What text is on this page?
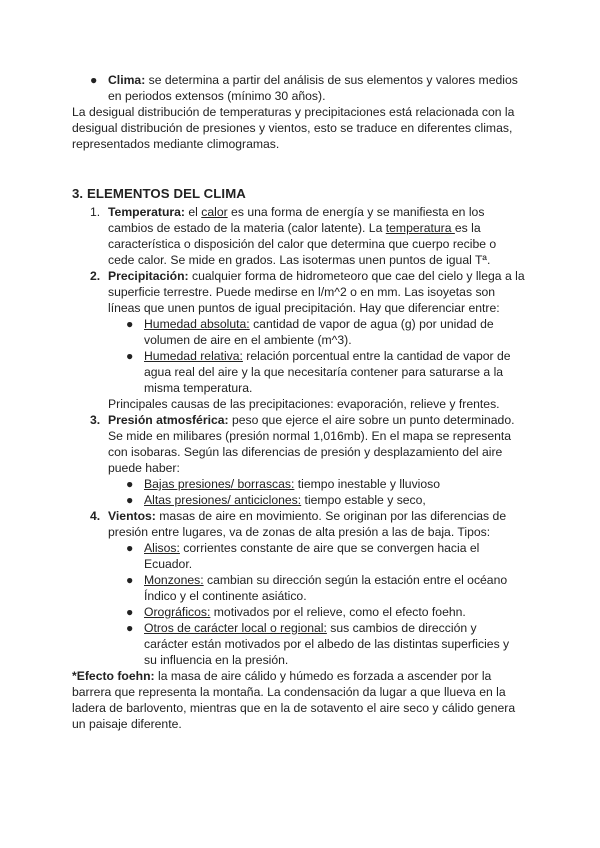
● Clima: se determina a partir del análisis de sus elementos y valores medios en periodos extensos (mínimo 30 años).

La desigual distribución de temperaturas y precipitaciones está relacionada con la desigual distribución de presiones y vientos, esto se traduce en diferentes climas, representados mediante climogramas.

3. ELEMENTOS DEL CLIMA
1. Temperatura: el calor es una forma de energía y se manifiesta en los cambios de estado de la materia (calor latente). La temperatura es la característica o disposición del calor que determina que cuerpo recibe o cede calor. Se mide en grados. Las isotermas unen puntos de igual Tª.

2. Precipitación: cualquier forma de hidrometeoro que cae del cielo y llega a la superficie terrestre. Puede medirse en l/m^2 o en mm. Las isoyetas son líneas que unen puntos de igual precipitación. Hay que diferenciar entre:

● Humedad absoluta: cantidad de vapor de agua (g) por unidad de volumen de aire en el ambiente (m^3).

● Humedad relativa: relación porcentual entre la cantidad de vapor de agua real del aire y la que necesitaría contener para saturarse a la misma temperatura.

Principales causas de las precipitaciones: evaporación, relieve y frentes.

3. Presión atmosférica: peso que ejerce el aire sobre un punto determinado. Se mide en milibares (presión normal 1,016mb). En el mapa se representa con isobaras. Según las diferencias de presión y desplazamiento del aire puede haber:

● Bajas presiones/ borrascas: tiempo inestable y lluvioso

● Altas presiones/ anticiclones: tiempo estable y seco,

4. Vientos: masas de aire en movimiento. Se originan por las diferencias de presión entre lugares, va de zonas de alta presión a las de baja. Tipos:

● Alisos: corrientes constante de aire que se convergen hacia el Ecuador.

● Monzones: cambian su dirección según la estación entre el océano Índico y el continente asiático.

● Orográficos: motivados por el relieve, como el efecto foehn.

● Otros de carácter local o regional: sus cambios de dirección y carácter están motivados por el albedo de las distintas superficies y su influencia en la presión.

*Efecto foehn: la masa de aire cálido y húmedo es forzada a ascender por la barrera que representa la montaña. La condensación da lugar a que llueva en la ladera de barlovento, mientras que en la de sotavento el aire seco y cálido genera un paisaje diferente.
